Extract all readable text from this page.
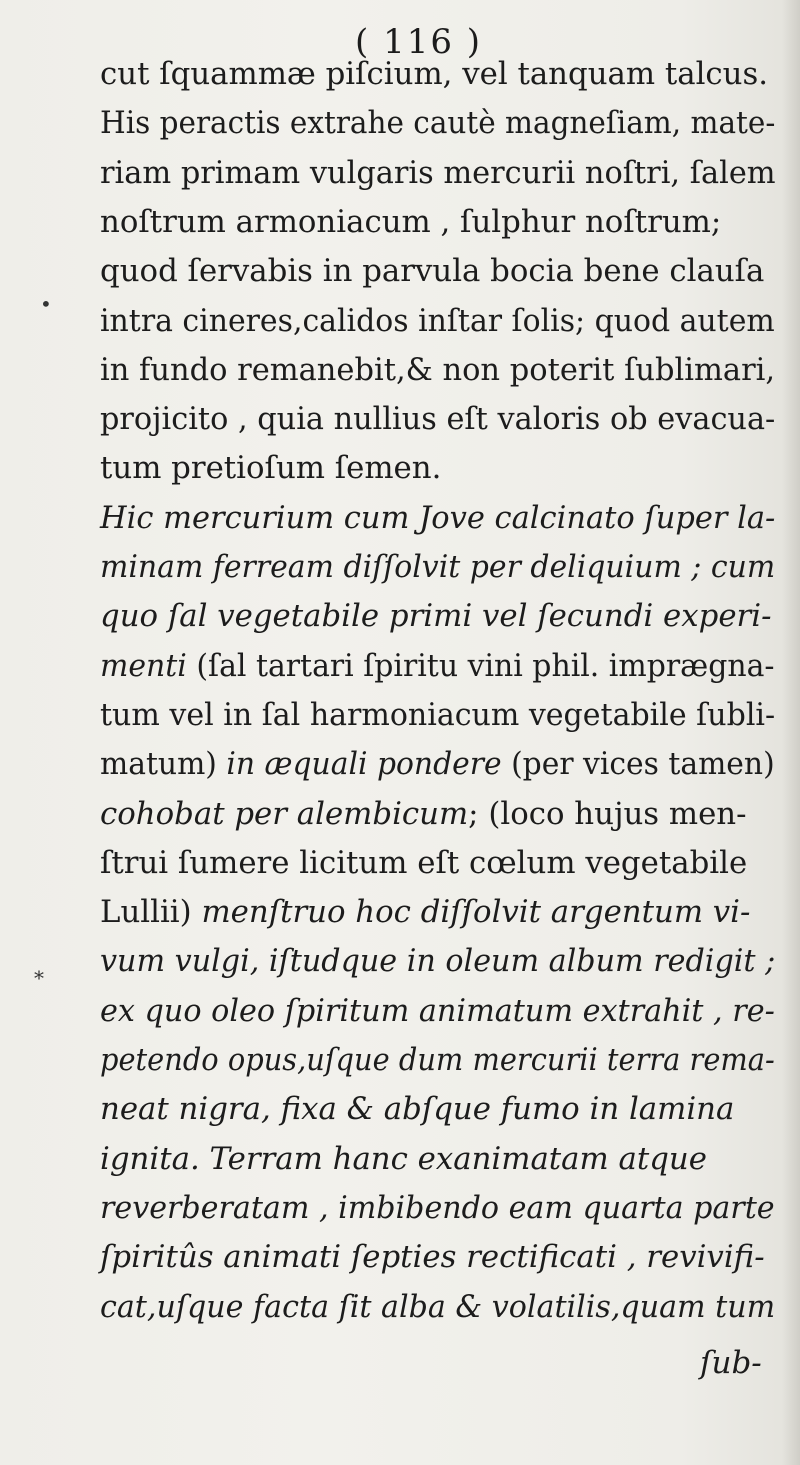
( 116 )
•
*
cut ſquammæ piſcium, vel tanquam talcus.
His peractis extrahe cautè magneſiam, mate-
riam primam vulgaris mercurii noſtri, ſalem
noſtrum armoniacum , ſulphur noſtrum;
quod ſervabis in parvula bocia bene clauſa
intra cineres,calidos inſtar ſolis; quod autem
in fundo remanebit,& non poterit ſublimari,
projicito , quia nullius eſt valoris ob evacua-
tum pretioſum ſemen.
Hic mercurium cum Jove calcinato ſuper la-
minam ferream diſſolvit per deliquium ; cum
quo ſal vegetabile primi vel ſecundi experi-
menti (ſal tartari ſpiritu vini phil. imprægna-
tum vel in ſal harmoniacum vegetabile ſubli-
matum) in æquali pondere (per vices tamen)
cohobat per alembicum; (loco hujus men-
ſtrui ſumere licitum eſt cœlum vegetabile
Lullii) menſtruo hoc diſſolvit argentum vi-
vum vulgi, iſtudque in oleum album redigit ;
ex quo oleo ſpiritum animatum extrahit , re-
petendo opus,uſque dum mercurii terra rema-
neat nigra, fixa & abſque fumo in lamina
ignita. Terram hanc exanimatam atque
reverberatam , imbibendo eam quarta parte
ſpiritûs animati ſepties rectificati , revivifi-
cat,uſque facta ſit alba & volatilis,quam tum
ſub-
